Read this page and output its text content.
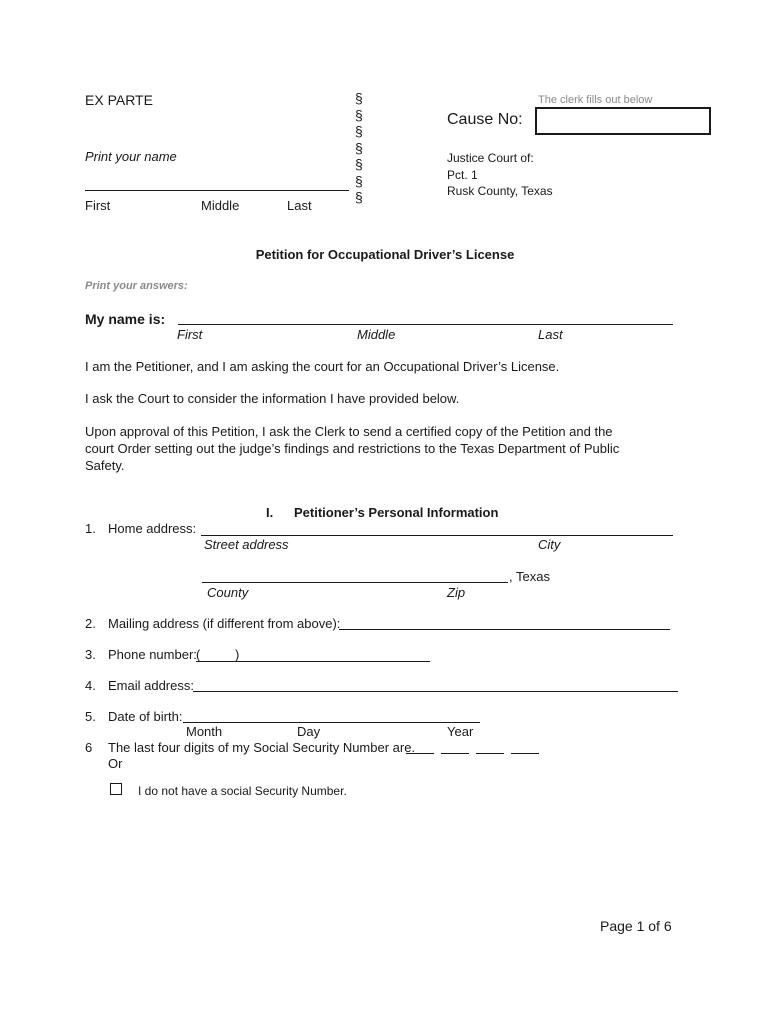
EX PARTE
Print your name
First	Middle	Last
§
§
§
§
§
§
§
The clerk fills out below
Cause No:
Justice Court of:
Pct. 1
Rusk County, Texas
Petition for Occupational Driver’s License
Print your answers:
My name is:
First	Middle	Last
I am the Petitioner, and I am asking the court for an Occupational Driver’s License.
I ask the Court to consider the information I have provided below.
Upon approval of this Petition, I ask the Clerk to send a certified copy of the Petition and the court Order setting out the judge’s findings and restrictions to the Texas Department of Public Safety.
I. Petitioner’s Personal Information
1. Home address:
Street address	City
, Texas
County	Zip
2. Mailing address (if different from above):
3. Phone number: (	)
4. Email address:
5. Date of birth:
Month	Day	Year
6 The last four digits of my Social Security Number are.
Or
I do not have a social Security Number.
Page 1 of 6
